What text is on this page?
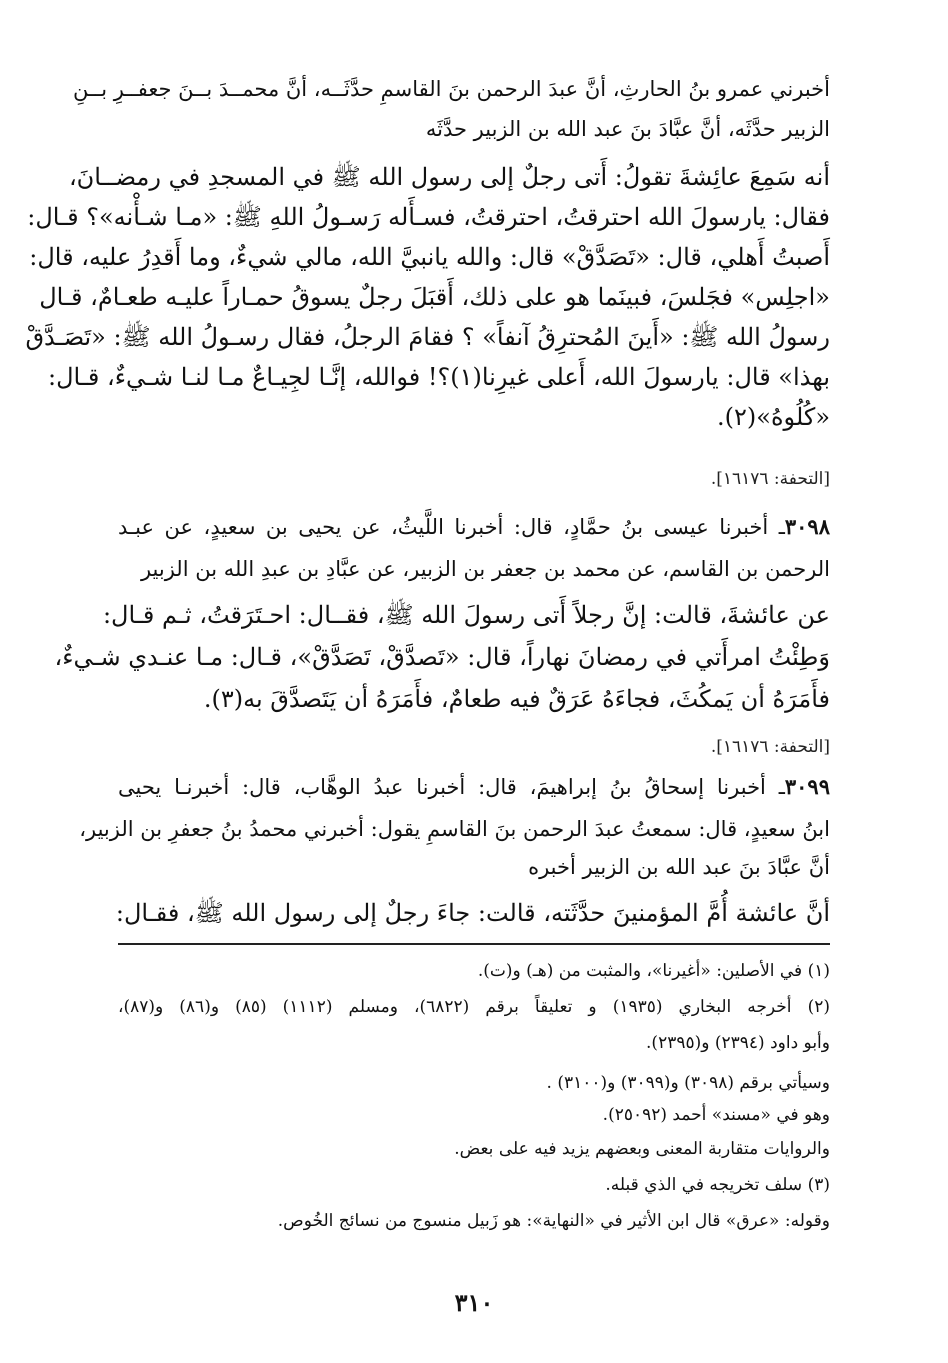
أخبرني عمرو بنُ الحارثِ، أنَّ عبدَ الرحمن بنَ القاسمِ حدَّثَــه، أنَّ محمــدَ بــنَ جعفــرِ بــنِ
الزبير حدَّثَه، أنَّ عبَّادَ بنَ عبد الله بن الزبير حدَّثَه
أنه سَمِعَ عائِشةَ تقولُ: أَتى رجلٌ إلى رسول الله ﷺ في المسجدِ في رمضــانَ،
فقال: يارسولَ الله احترقتُ، احترقتُ، فسـأَله رَسـولُ اللهِ ﷺ: «مـا شـأْنه»؟ قـال:
أَصبتُ أَهلي، قال: «تَصَدَّقْ» قال: والله يانبيَّ الله، مالي شيءٌ، وما أَقدِرُ عليه، قال:
«اجلِس» فجَلسَ، فبينَما هو على ذلك، أَقبَلَ رجلٌ يسوقُ حمـاراً عليـه طعـامٌ، قـال
رسولُ الله ﷺ: «أَينَ المُحترِقُ آنفاً» ؟ فقامَ الرجلُ، فقال رسـولُ الله ﷺ: «تَصَـدَّقْ
بهذا» قال: يارسولَ الله، أَعلى غيرِنا(١)؟! فوالله، إنَّـا لجِيـاعٌ مـا لنـا شـيءٌ، قـال:
«كُلُوهُ»(٢).
[التحفة: ١٦١٧٦].
٣٠٩٨ـ أخبرنا عيسى بنُ حمَّادٍ، قال: أخبرنا اللَّيثُ، عن يحيى بن سعيدٍ، عن عبـد
الرحمن بن القاسم، عن محمد بن جعفر بن الزبير، عن عبَّادِ بن عبدِ الله بن الزبير
عن عائشةَ، قالت: إنَّ رجلاً أَتى رسولَ الله ﷺ، فقــال: احـتَرَقتُ، ثـم قـال:
وَطِئْتُ امرأَتي في رمضانَ نهاراً، قال: «تَصدَّقْ، تَصَدَّقْ»، قـال: مـا عنـدي شـيءٌ،
فأَمَرَهُ أن يَمكُثَ، فجاءَهُ عَرَقٌ فيه طعامٌ، فأَمَرَهُ أن يَتَصدَّقَ به(٣).
[التحفة: ١٦١٧٦].
٣٠٩٩ـ أخبرنا إسحاقُ بنُ إبراهيمَ، قال: أخبرنا عبدُ الوهَّاب، قال: أخبرنـا يحيى
ابنُ سعيدٍ، قال: سمعتُ عبدَ الرحمن بنَ القاسمِ يقول: أخبرني محمدُ بنُ جعفرِ بن الزبير،
أنَّ عبَّادَ بنَ عبد الله بن الزبير أخبره
أنَّ عائشة أُمَّ المؤمنينَ حدَّثَته، قالت: جاءَ رجلٌ إلى رسول الله ﷺ، فقـال:
(١) في الأصلين: «أغيرنا»، والمثبت من (هـ) و(ت).
(٢) أخرجه البخاري (١٩٣٥) و تعليقاً برقم (٦٨٢٢)، ومسلم (١١١٢) (٨٥) و(٨٦) و(٨٧)،
وأبو داود (٢٣٩٤) و(٢٣٩٥).
وسيأتي برقم (٣٠٩٨) و(٣٠٩٩) و(٣١٠٠) .
وهو في «مسند» أحمد (٢٥٠٩٢).
والروايات متقاربة المعنى وبعضهم يزيد فيه على بعض.
(٣) سلف تخريجه في الذي قبله.
وقوله: «عرق» قال ابن الأثير في «النهاية»: هو زَبيل منسوج من نسائج الخُوص.
٣١٠
